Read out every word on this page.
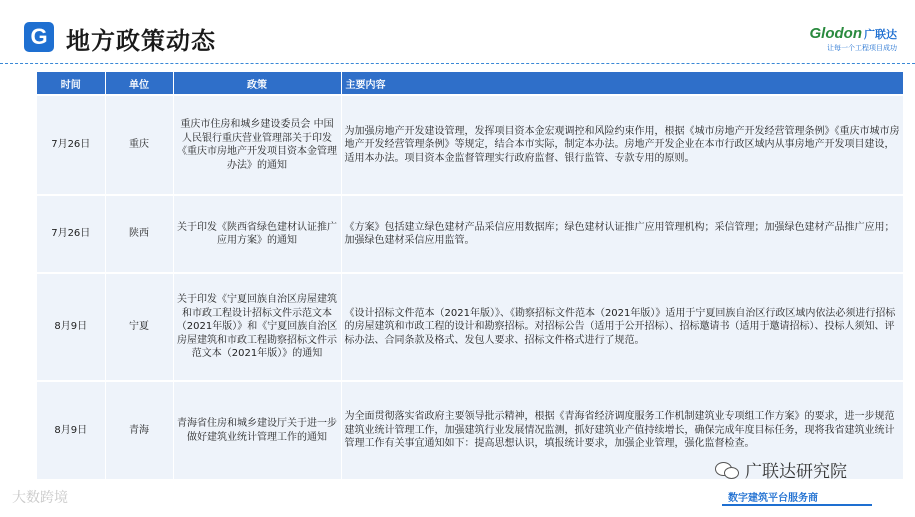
G 地方政策动态	Glodon 广联达
让每一个工程项目成功
时间	单位	政策	主要内容
7月26日	重庆	重庆市住房和城乡建设委员会 中国人民银行重庆营业管理部关于印发《重庆市房地产开发项目资本金管理办法》的通知	为加强房地产开发建设管理，发挥项目资本金宏观调控和风险约束作用，根据《城市房地产开发经营管理条例》《重庆市城市房地产开发经营管理条例》等规定，结合本市实际，制定本办法。房地产开发企业在本市行政区域内从事房地产开发项目建设，适用本办法。项目资本金监督管理实行政府监督、银行监管、专款专用的原则。
7月26日	陕西	关于印发《陕西省绿色建材认证推广应用方案》的通知	《方案》包括建立绿色建材产品采信应用数据库；绿色建材认证推广应用管理机构；采信管理；加强绿色建材产品推广应用；加强绿色建材采信应用监管。
8月9日	宁夏	关于印发《宁夏回族自治区房屋建筑和市政工程设计招标文件示范文本（2021年版）》和《宁夏回族自治区房屋建筑和市政工程勘察招标文件示范文本（2021年版）》的通知	《设计招标文件范本（2021年版）》、《勘察招标文件范本（2021年版）》适用于宁夏回族自治区行政区域内依法必须进行招标的房屋建筑和市政工程的设计和勘察招标。对招标公告（适用于公开招标）、招标邀请书（适用于邀请招标）、投标人须知、评标办法、合同条款及格式、发包人要求、招标文件格式进行了规范。
8月9日	青海	青海省住房和城乡建设厅关于进一步做好建筑业统计管理工作的通知	为全面贯彻落实省政府主要领导批示精神，根据《青海省经济调度服务工作机制建筑业专项组工作方案》的要求，进一步规范建筑业统计管理工作，加强建筑行业发展情况监测，抓好建筑业产值持续增长，确保完成年度目标任务，现将我省建筑业统计管理工作有关事宜通知如下：提高思想认识，填报统计要求，加强企业管理，强化监督检查。
广联达研究院
数字建筑平台服务商
大数跨境
